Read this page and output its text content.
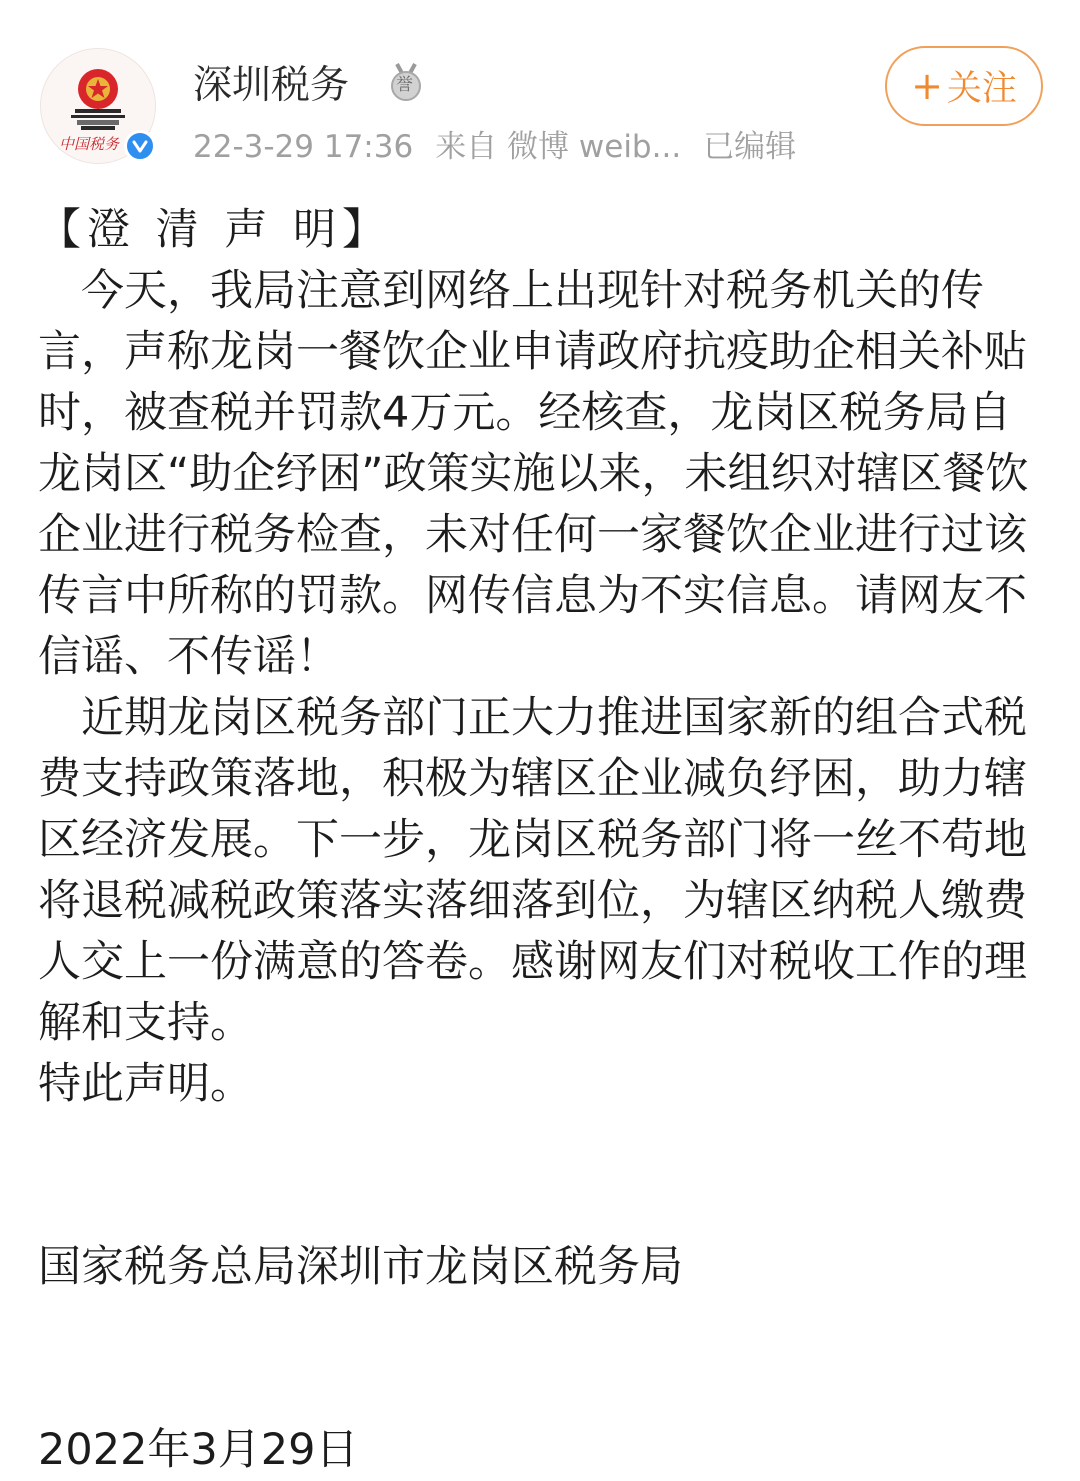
中国税务
深圳税务	誉
22-3-29 17:36 来自 微博 weib... 已编辑
+ 关注

【澄 清 声 明】

今天，我局注意到网络上出现针对税务机关的传言，声称龙岗一餐饮企业申请政府抗疫助企相关补贴时，被查税并罚款4万元。经核查，龙岗区税务局自龙岗区“助企纾困”政策实施以来，未组织对辖区餐饮企业进行税务检查，未对任何一家餐饮企业进行过该传言中所称的罚款。网传信息为不实信息。请网友不信谣、不传谣！

近期龙岗区税务部门正大力推进国家新的组合式税费支持政策落地，积极为辖区企业减负纾困，助力辖区经济发展。下一步，龙岗区税务部门将一丝不苟地将退税减税政策落实落细落到位，为辖区纳税人缴费人交上一份满意的答卷。感谢网友们对税收工作的理解和支持。

特此声明。

国家税务总局深圳市龙岗区税务局

2022年3月29日
